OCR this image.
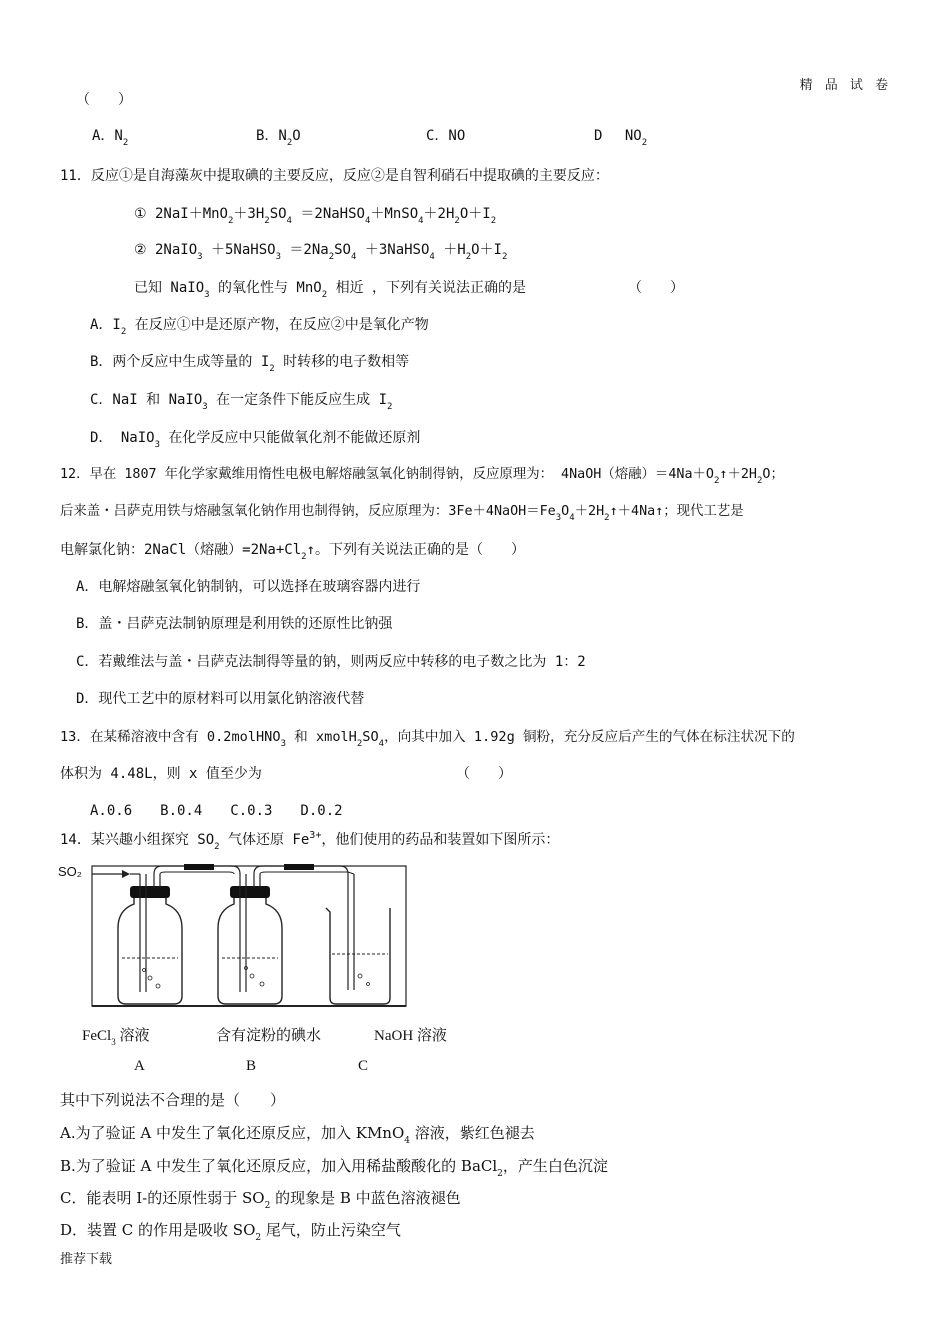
精 品 试 卷
（　　）
A．$N_2$	B．$N_2O$	C．NO	D　 $NO_2$
11．反应①是自海藻灰中提取碘的主要反应，反应②是自智利硝石中提取碘的主要反应：
① $2NaI+MnO_2+3H_2SO_4$ $=2NaHSO_4+MnSO_4+2H_2O+I_2$
② 2NaIO$_3$ ＋5NaHSO$_3$ $=2Na_2SO_4$ ＋3NaHSO$_4$ $+H_2O+I_2$
已知 NaIO$_3$ 的氧化性与 MnO$_2$ 相近 ，下列有关说法正确的是	（　　）
A．$I_2$ 在反应①中是还原产物，在反应②中是氧化产物
B．两个反应中生成等量的 $I_2$ 时转移的电子数相等
C．NaI 和 NaIO$_3$ 在一定条件下能反应生成 $I_2$
D． NaIO$_3$ 在化学反应中只能做氧化剂不能做还原剂
12．早在 1807 年化学家戴维用惰性电极电解熔融氢氧化钠制得钠，反应原理为： 4NaOH（熔融）$=4Na+O_2↑+2H_2O$；
后来盖・吕萨克用铁与熔融氢氧化钠作用也制得钠，反应原理为：$3Fe+4NaOH=Fe_3O_4+2H_2↑+4Na↑$；现代工艺是
电解氯化钠：2NaCl（熔融）$=2Na+Cl_2↑$。下列有关说法正确的是（　　）
A．电解熔融氢氧化钠制钠，可以选择在玻璃容器内进行
B．盖・吕萨克法制钠原理是利用铁的还原性比钠强
C．若戴维法与盖・吕萨克法制得等量的钠，则两反应中转移的电子数之比为 1：2
D．现代工艺中的原材料可以用氯化钠溶液代替
13．在某稀溶液中含有 0.2molHNO$_3$ 和 $xmolH_2SO_4$，向其中加入 1.92g 铜粉，充分反应后产生的气体在标注状况下的
体积为 4.48L，则 x 值至少为	（　　）
A.0.6　　B.0.4　　C.0.3　　D.0.2
14．某兴趣小组探究 $SO_2$ 气体还原 $Fe^{3+}$，他们使用的药品和装置如下图所示：
SO₂
FeCl$_3$ 溶液	含有淀粉的碘水	NaOH 溶液
A	B	C
其中下列说法不合理的是（　　）
A.为了验证 A 中发生了氧化还原反应，加入 KMnO$_4$ 溶液，紫红色褪去
B.为了验证 A 中发生了氧化还原反应，加入用稀盐酸酸化的 BaCl$_2$，产生白色沉淀
C．能表明 I-的还原性弱于 $SO_2$ 的现象是 B 中蓝色溶液褪色
D．装置 C 的作用是吸收 $SO_2$ 尾气，防止污染空气
推荐下载
